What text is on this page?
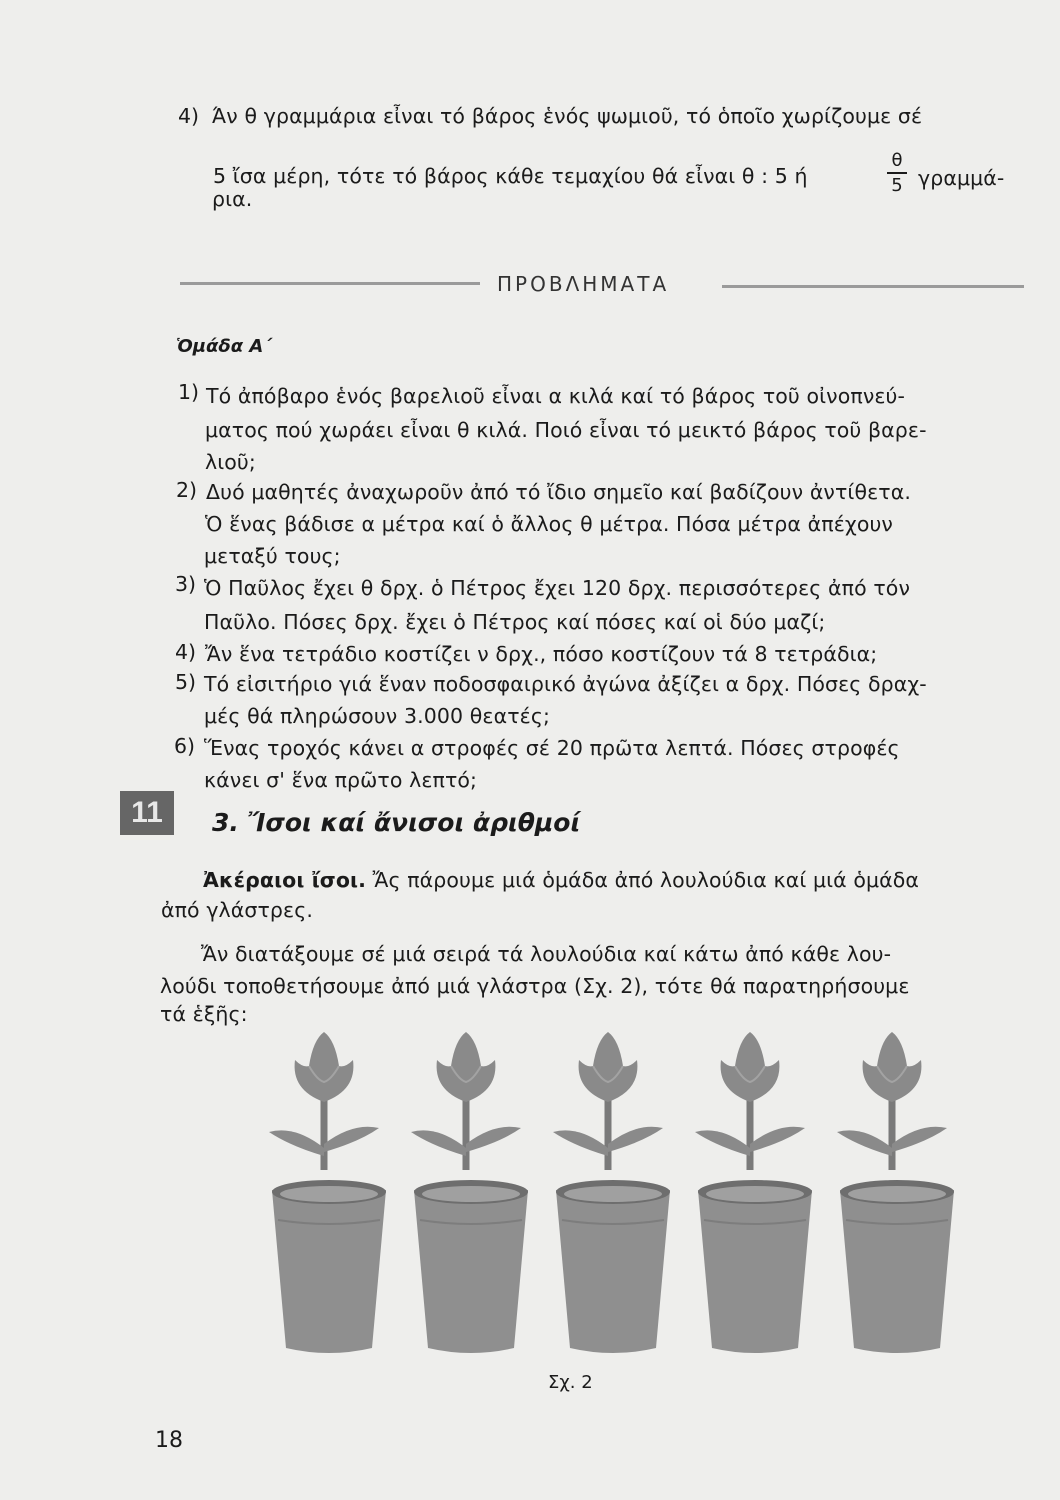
4) Άν θ γραμμάρια εἶναι τό βάρος ἑνός ψωμιοῦ, τό ὁποῖο χωρίζουμε σέ
5 ἴσα μέρη, τότε τό βάρος κάθε τεμαχίου θά εἶναι θ : 5 ή
θ
5 γραμμά-
ρια.
ΠΡΟΒΛΗΜΑΤΑ
Ὁμάδα Α΄
1) Τό ἀπόβαρο ἑνός βαρελιοῦ εἶναι α κιλά καί τό βάρος τοῦ οἰνοπνεύ-
ματος πού χωράει εἶναι θ κιλά. Ποιό εἶναι τό μεικτό βάρος τοῦ βαρε-
λιοῦ;
2) Δυό μαθητές ἀναχωροῦν ἀπό τό ἴδιο σημεῖο καί βαδίζουν ἀντίθετα.
Ὁ ἕνας βάδισε α μέτρα καί ὁ ἄλλος θ μέτρα. Πόσα μέτρα ἀπέχουν
μεταξύ τους;
3) Ὁ Παῦλος ἔχει θ δρχ. ὁ Πέτρος ἔχει 120 δρχ. περισσότερες ἀπό τόν
Παῦλο. Πόσες δρχ. ἔχει ὁ Πέτρος καί πόσες καί οἱ δύο μαζί;
4) Ἄν ἕνα τετράδιο κοστίζει ν δρχ., πόσο κοστίζουν τά 8 τετράδια;
5) Τό εἰσιτήριο γιά ἕναν ποδοσφαιρικό ἀγώνα ἀξίζει α δρχ. Πόσες δραχ-
μές θά πληρώσουν 3.000 θεατές;
6) Ἕνας τροχός κάνει α στροφές σέ 20 πρῶτα λεπτά. Πόσες στροφές
κάνει σ' ἕνα πρῶτο λεπτό;
11	3. Ἴσοι καί ἄνισοι ἀριθμοί
Ἀκέραιοι ἴσοι. Ἄς πάρουμε μιά ὁμάδα ἀπό λουλούδια καί μιά ὁμάδα
ἀπό γλάστρες.
Ἄν διατάξουμε σέ μιά σειρά τά λουλούδια καί κάτω ἀπό κάθε λου-
λούδι τοποθετήσουμε ἀπό μιά γλάστρα (Σχ. 2), τότε θά παρατηρήσουμε
τά ἑξῆς:
Σχ. 2
18
